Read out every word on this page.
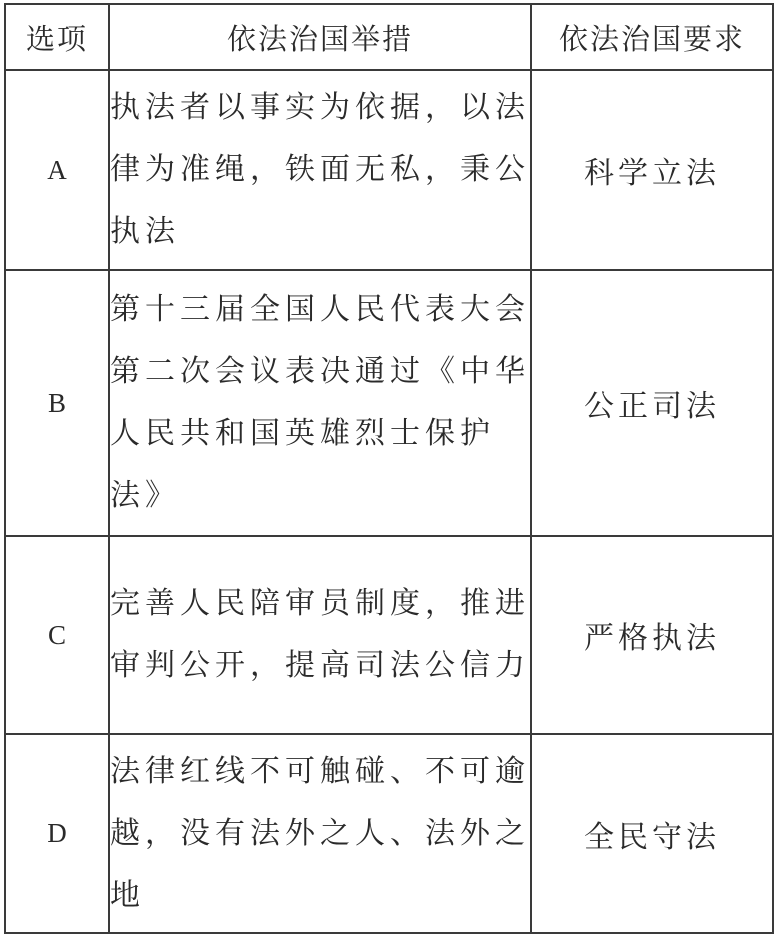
选项	依法治国举措	依法治国要求
A	执法者以事实为依据，以法律为准绳，铁面无私，秉公执法	科学立法
B	第十三届全国人民代表大会第二次会议表决通过《中华人民共和国英雄烈士保护法》	公正司法
C	完善人民陪审员制度，推进审判公开，提高司法公信力	严格执法
D	法律红线不可触碰、不可逾越，没有法外之人、法外之地	全民守法
